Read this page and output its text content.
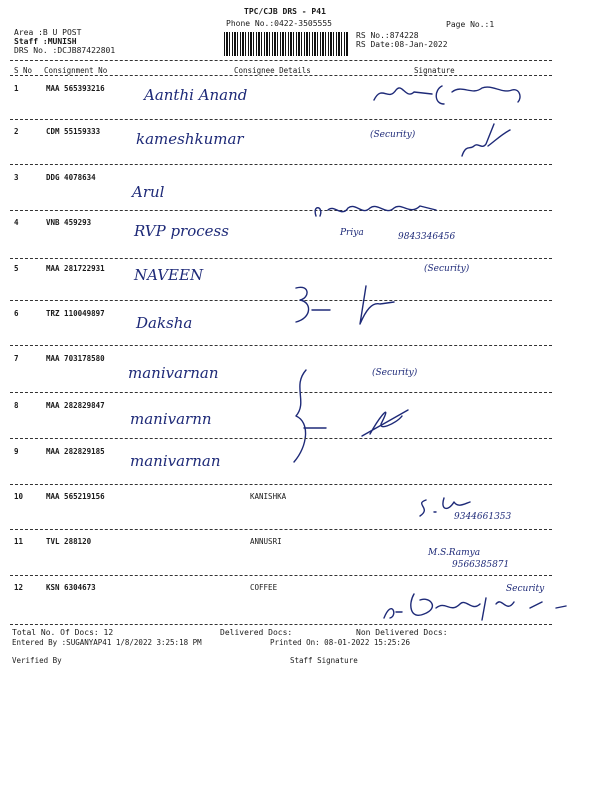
TPC/CJB DRS - P41
Phone No.:0422-3505555	Page No.:1
Area :B U POST
Staff :MUNISH
DRS No. :DCJB87422801
RS No.:874228
RS Date:08-Jan-2022
S No Consignment No	Consignee Details	Signature
1	MAA 565393216	Aanthi Anand
2	CDM 55159333 kameshkumar	(Security)
3	DDG 4078634
Arul
4	VNB 459293	RVP process	Priya	9843346456
5	MAA 281722931 NAVEEN	(Security)
6	TRZ 110049897
Daksha
7	MAA 703178580
manivarnan	(Security)
8	MAA 282829847
manivarnn
9	MAA 282829185
manivarnan
10	MAA 565219156	KANISHKA
9344661353
11	TVL 288120	ANNUSRI
M.S.Ramya
9566385871
12	KSN 6304673	COFFEE	Security
Total No. Of Docs: 12	Delivered Docs:	Non Delivered Docs:
Entered By :SUGANYAP41 1/8/2022 3:25:18 PM	Printed On: 08-01-2022 15:25:26
Verified By	Staff Signature
